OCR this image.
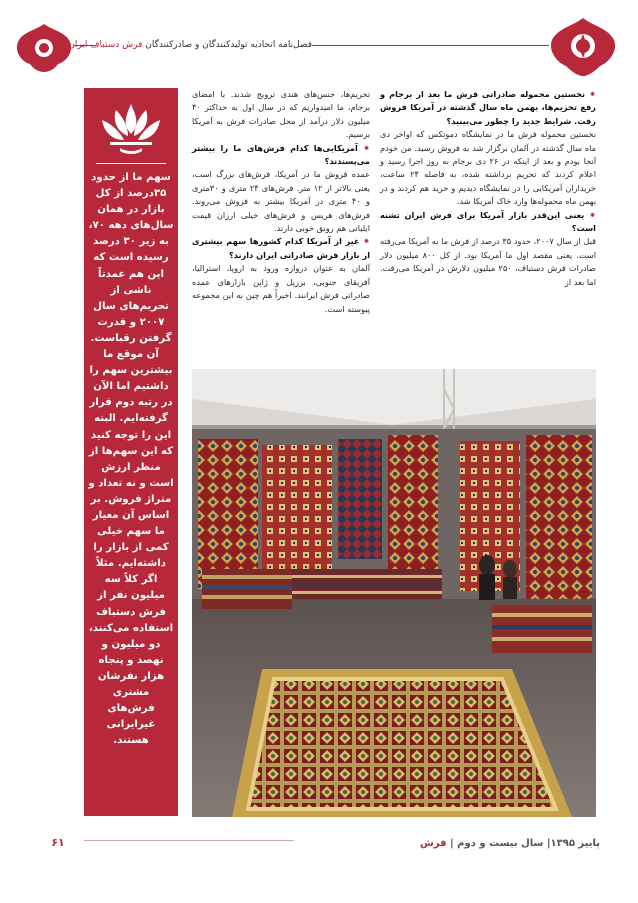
فصل‌نامه اتحادیه تولیدکنندگان و صادرکنندگان فرش دستباف ایران
سهم ما از حدود ۳۵درصد از کل بازار در همان سال‌های دهه ۷۰، به زیر ۳۰ درصد رسیده است که این هم عمدتاً ناشی از تحریم‌های سال ۲۰۰۷ و قدرت گرفتن رقباست. آن موقع ما بیشترین سهم را داشتیم اما الآن در رتبه دوم قرار گرفته‌ایم. البته این را توجه کنید که این سهم‌ها از منظر ارزش است و نه تعداد و متراژ فروش. بر اساس آن معیار ما سهم خیلی کمی از بازار را داشته‌ایم. مثلاً اگر کلاً سه میلیون نفر از فرش دستباف استفاده می‌کنند، دو میلیون و نهصد و پنجاه هزار نفرشان مشتری فرش‌های غیرایرانی هستند.

⁕ نخستین محموله صادراتی فرش ما بعد از برجام و رفع تحریم‌ها، بهمن ماه سال گذشته در آمریکا فروش رفت. شرایط جدید را چطور می‌بینید؟

نخستین محموله فرش ما در نمایشگاه دموتکس که اواخر دی ماه سال گذشته در آلمان برگزار شد به فروش رسید. من خودم آنجا بودم و بعد از اینکه در ۲۶ دی برجام به روز اجرا رسید و اعلام کردند که تحریم برداشته شده، به فاصله ۲۴ ساعت، خریداران آمریکایی را در نمایشگاه دیدیم و خرید هم کردند و در بهمن ماه محموله‌ها وارد خاک آمریکا شد.

⁕ یعنی این‌قدر بازار آمریکا برای فرش ایران تشنه است؟

قبل از سال ۲۰۰۷، حدود ۳۵ درصد از فرش ما به آمریکا می‌رفته است. یعنی مقصد اول ما آمریکا بود. از کل ۸۰۰ میلیون دلار صادرات فرش دستباف، ۲۵۰ میلیون دلارش در آمریکا می‌رفت. اما بعد از

تحریم‌ها، جنس‌های هندی ترویج شدند. با امضای برجام، ما امیدواریم که در سال اول به حداکثر ۴۰ میلیون دلار درآمد از محل صادرات فرش به آمریکا برسیم.

⁕ آمریکایی‌ها کدام فرش‌های ما را بیشتر می‌پسندند؟

عمده فروش ما در آمریکا، فرش‌های بزرگ است، یعنی بالاتر از ۱۲ متر. فرش‌های ۲۴ متری و ۳۰متری و ۴۰ متری در آمریکا بیشتر به فروش می‌روند. فرش‌های هریس و فرش‌های خیلی ارزان قیمت ایلیاتی هم رونق خوبی دارند.

⁕ غیر از آمریکا کدام کشورها سهم بیشتری از بازار فرش صادراتی ایران دارند؟

آلمان به عنوان دروازه ورود به اروپا، استرالیا، آفریقای جنوبی، برزیل و ژاپن بازارهای عمده صادراتی فرش ایرانند. اخیراً هم چین به این مجموعه پیوسته است.

پاییز ۱۳۹۵| سال بیست و دوم | فرش
۶۱
